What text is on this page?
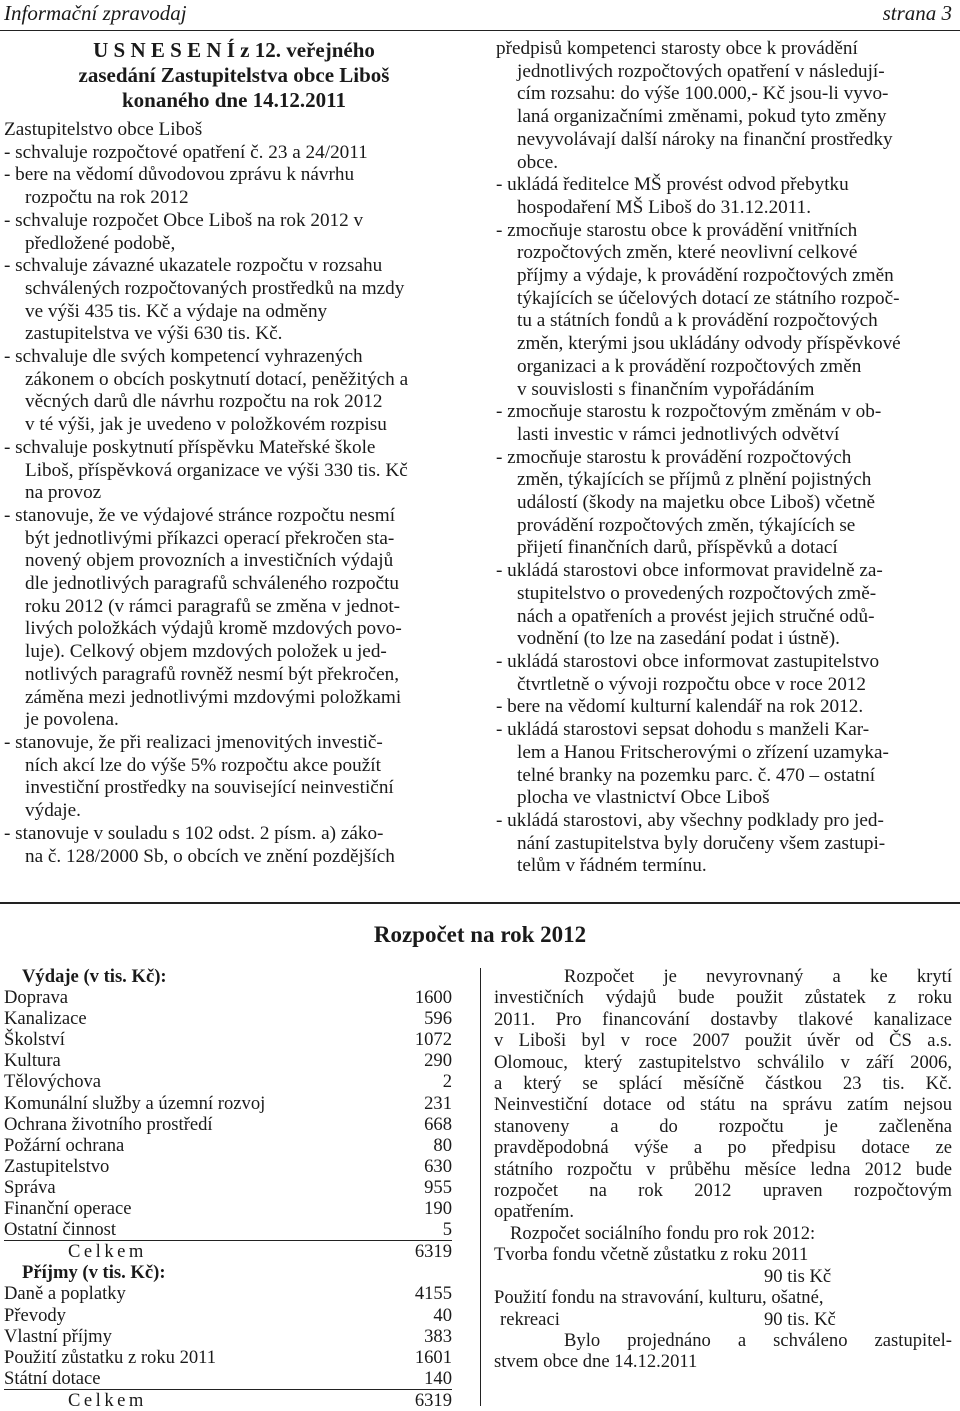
Informační zpravodaj	strana 3

U S N E S E N Í z 12. veřejného
zasedání Zastupitelstva obce Liboš
konaného dne 14.12.2011

Zastupitelstvo obce Liboš

- schvaluje rozpočtové opatření č. 23 a 24/2011

- bere na vědomí důvodovou zprávu k návrhu
rozpočtu na rok 2012

- schvaluje rozpočet Obce Liboš na rok 2012 v
předložené podobě,

- schvaluje závazné ukazatele rozpočtu v rozsahu
schválených rozpočtovaných prostředků na mzdy
ve výši 435 tis. Kč a výdaje na odměny
zastupitelstva ve výši 630 tis. Kč.

- schvaluje dle svých kompetencí vyhrazených
zákonem o obcích poskytnutí dotací, peněžitých a
věcných darů dle návrhu rozpočtu na rok 2012
v té výši, jak je uvedeno v položkovém rozpisu

- schvaluje poskytnutí příspěvku Mateřské škole
Liboš, příspěvková organizace ve výši 330 tis. Kč
na provoz

- stanovuje, že ve výdajové stránce rozpočtu nesmí
být jednotlivými příkazci operací překročen sta-
novený objem provozních a investičních výdajů
dle jednotlivých paragrafů schváleného rozpočtu
roku 2012 (v rámci paragrafů se změna v jednot-
livých položkách výdajů kromě mzdových povo-
luje). Celkový objem mzdových položek u jed-
notlivých paragrafů rovněž nesmí být překročen,
záměna mezi jednotlivými mzdovými položkami
je povolena.

- stanovuje, že při realizaci jmenovitých investič-
ních akcí lze do výše 5% rozpočtu akce použít
investiční prostředky na související neinvestiční
výdaje.

- stanovuje v souladu s 102 odst. 2 písm. a) záko-
na č. 128/2000 Sb, o obcích ve znění pozdějších

předpisů kompetenci starosty obce k provádění
jednotlivých rozpočtových opatření v následují-
cím rozsahu: do výše 100.000,- Kč jsou-li vyvo-
laná organizačními změnami, pokud tyto změny
nevyvolávají další nároky na finanční prostředky
obce.

- ukládá ředitelce MŠ provést odvod přebytku
hospodaření MŠ Liboš do 31.12.2011.

- zmocňuje starostu obce k provádění vnitřních
rozpočtových změn, které neovlivní celkové
příjmy a výdaje, k provádění rozpočtových změn
týkajících se účelových dotací ze státního rozpoč-
tu a státních fondů a k provádění rozpočtových
změn, kterými jsou ukládány odvody příspěvkové
organizaci a k provádění rozpočtových změn
v souvislosti s finančním vypořádáním

- zmocňuje starostu k rozpočtovým změnám v ob-
lasti investic v rámci jednotlivých odvětví

- zmocňuje starostu k provádění rozpočtových
změn, týkajících se příjmů z plnění pojistných
událostí (škody na majetku obce Liboš) včetně
provádění rozpočtových změn, týkajících se
přijetí finančních darů, příspěvků a dotací

- ukládá starostovi obce informovat pravidelně za-
stupitelstvo o provedených rozpočtových změ-
nách a opatřeních a provést jejich stručné odů-
vodnění (to lze na zasedání podat i ústně).

- ukládá starostovi obce informovat zastupitelstvo
čtvrtletně o vývoji rozpočtu obce v roce 2012

- bere na vědomí kulturní kalendář na rok 2012.

- ukládá starostovi sepsat dohodu s manželi Kar-
lem a Hanou Fritscherovými o zřízení uzamyka-
telné branky na pozemku parc. č. 470 – ostatní
plocha ve vlastnictví Obce Liboš

- ukládá starostovi, aby všechny podklady pro jed-
nání zastupitelstva byly doručeny všem zastupi-
telům v řádném termínu.

Rozpočet na rok 2012
Výdaje (v tis. Kč):
Doprava	1600
Kanalizace	596
Školství	1072
Kultura	290
Tělovýchova	2
Komunální služby a územní rozvoj	231
Ochrana životního prostředí	668
Požární ochrana	80
Zastupitelstvo	630
Správa	955
Finanční operace	190
Ostatní činnost	5
Celkem	6319
Příjmy (v tis. Kč):
Daně a poplatky	4155
Převody	40
Vlastní příjmy	383
Použití zůstatku z roku 2011	1601
Státní dotace	140
Celkem	6319
Rozpočet je nevyrovnaný a ke krytí
investičních výdajů bude použit zůstatek z roku
2011. Pro financování dostavby tlakové kanalizace
v Liboši byl v roce 2007 použit úvěr od ČS a.s.
Olomouc, který zastupitelstvo schválilo v září 2006,
a který se splácí měsíčně částkou 23 tis. Kč.
Neinvestiční dotace od státu na správu zatím nejsou
stanoveny a do rozpočtu je začleněna
pravděpodobná výše a po předpisu dotace ze
státního rozpočtu v průběhu měsíce ledna 2012 bude
rozpočet na rok 2012 upraven rozpočtovým
opatřením.

Rozpočet sociálního fondu pro rok 2012:

Tvorba fondu včetně zůstatku z roku 2011

90 tis Kč

Použití fondu na stravování, kulturu, ošatné,

rekreaci	90 tis. Kč
Bylo projednáno a schváleno zastupitel-
stvem obce dne 14.12.2011
